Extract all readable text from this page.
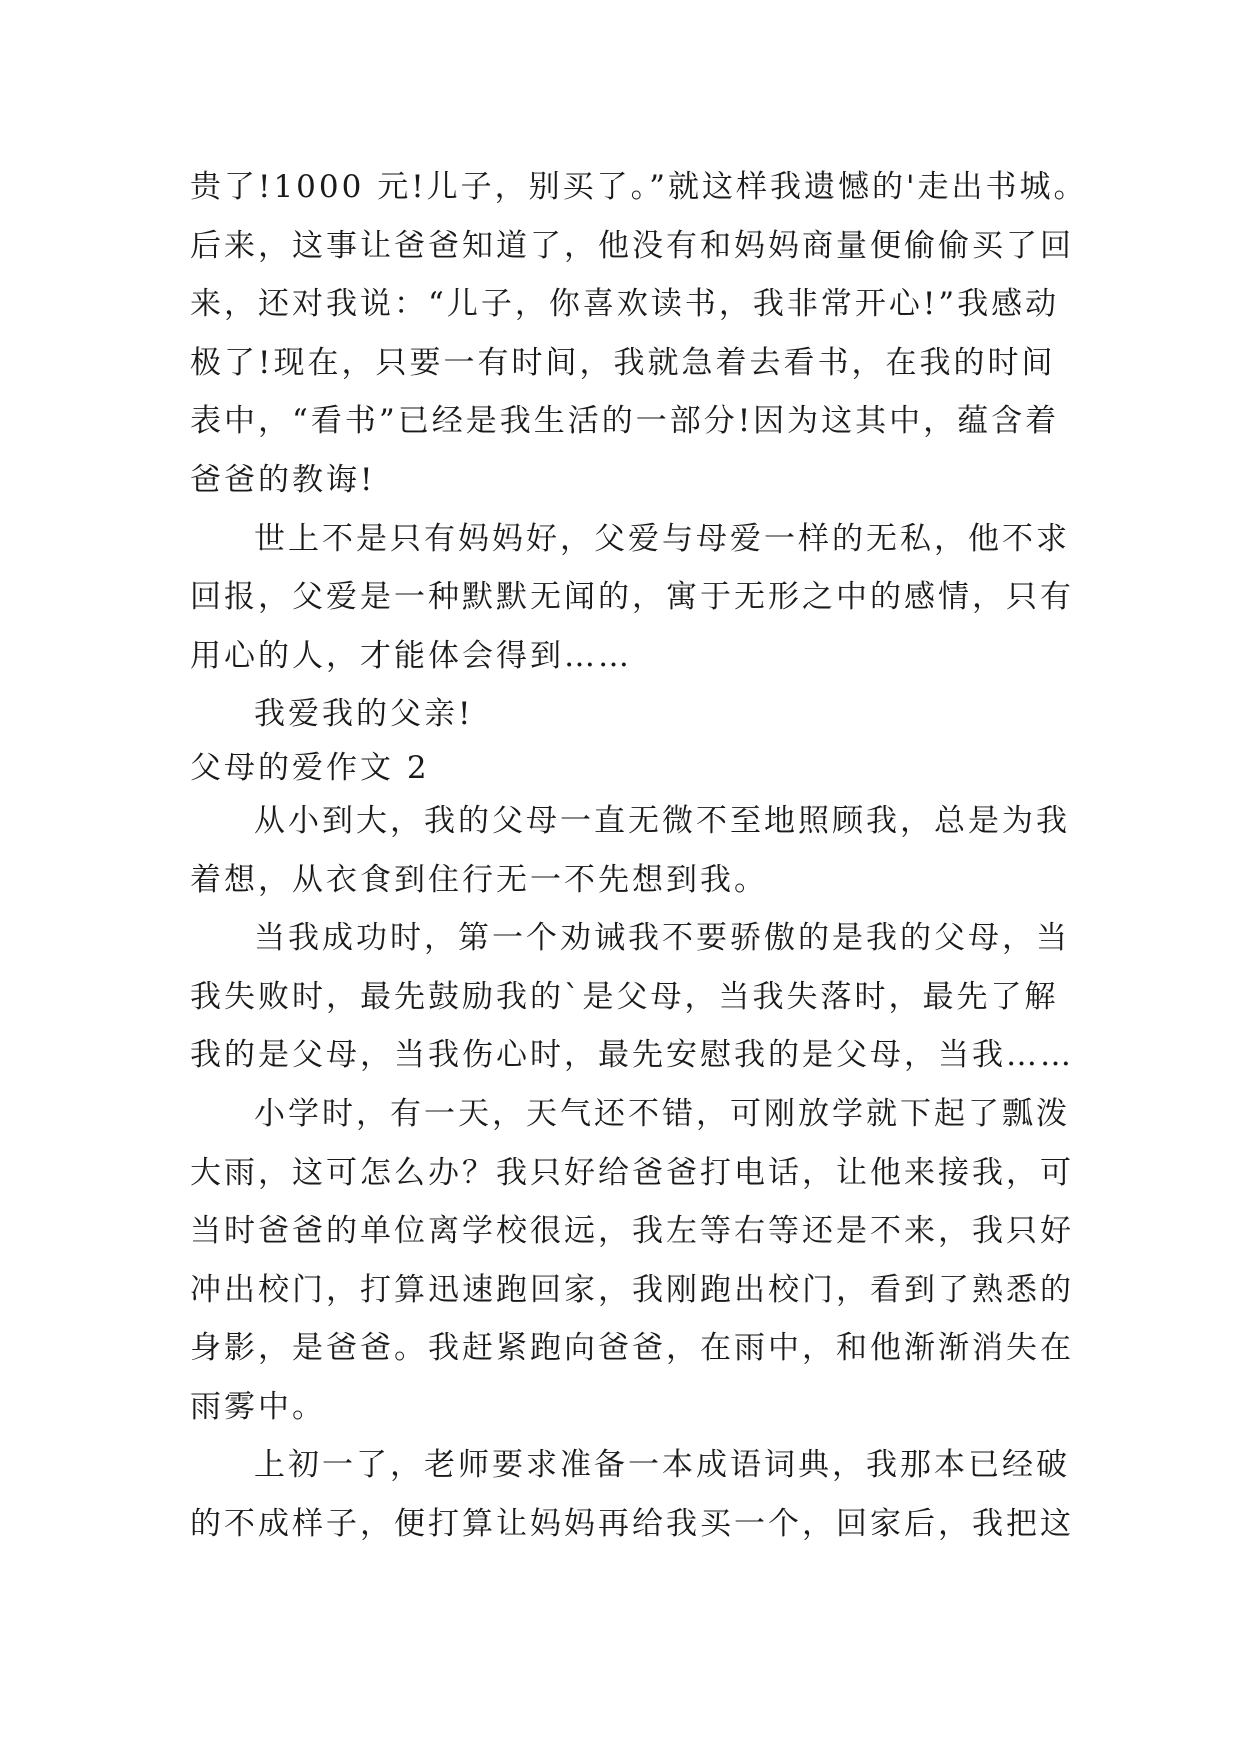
贵了!1000 元!儿子，别买了。”就这样我遗憾的'走出书城。
后来，这事让爸爸知道了，他没有和妈妈商量便偷偷买了回
来，还对我说：“儿子，你喜欢读书，我非常开心!”我感动
极了!现在，只要一有时间，我就急着去看书，在我的时间
表中，“看书”已经是我生活的一部分!因为这其中，蕴含着
爸爸的教诲!
世上不是只有妈妈好，父爱与母爱一样的无私，他不求
回报，父爱是一种默默无闻的，寓于无形之中的感情，只有
用心的人，才能体会得到……
我爱我的父亲!
父母的爱作文 2
从小到大，我的父母一直无微不至地照顾我，总是为我
着想，从衣食到住行无一不先想到我。
当我成功时，第一个劝诫我不要骄傲的是我的父母，当
我失败时，最先鼓励我的`是父母，当我失落时，最先了解
我的是父母，当我伤心时，最先安慰我的是父母，当我……
小学时，有一天，天气还不错，可刚放学就下起了瓢泼
大雨，这可怎么办？我只好给爸爸打电话，让他来接我，可
当时爸爸的单位离学校很远，我左等右等还是不来，我只好
冲出校门，打算迅速跑回家，我刚跑出校门，看到了熟悉的
身影，是爸爸。我赶紧跑向爸爸，在雨中，和他渐渐消失在
雨雾中。
上初一了，老师要求准备一本成语词典，我那本已经破
的不成样子，便打算让妈妈再给我买一个，回家后，我把这
